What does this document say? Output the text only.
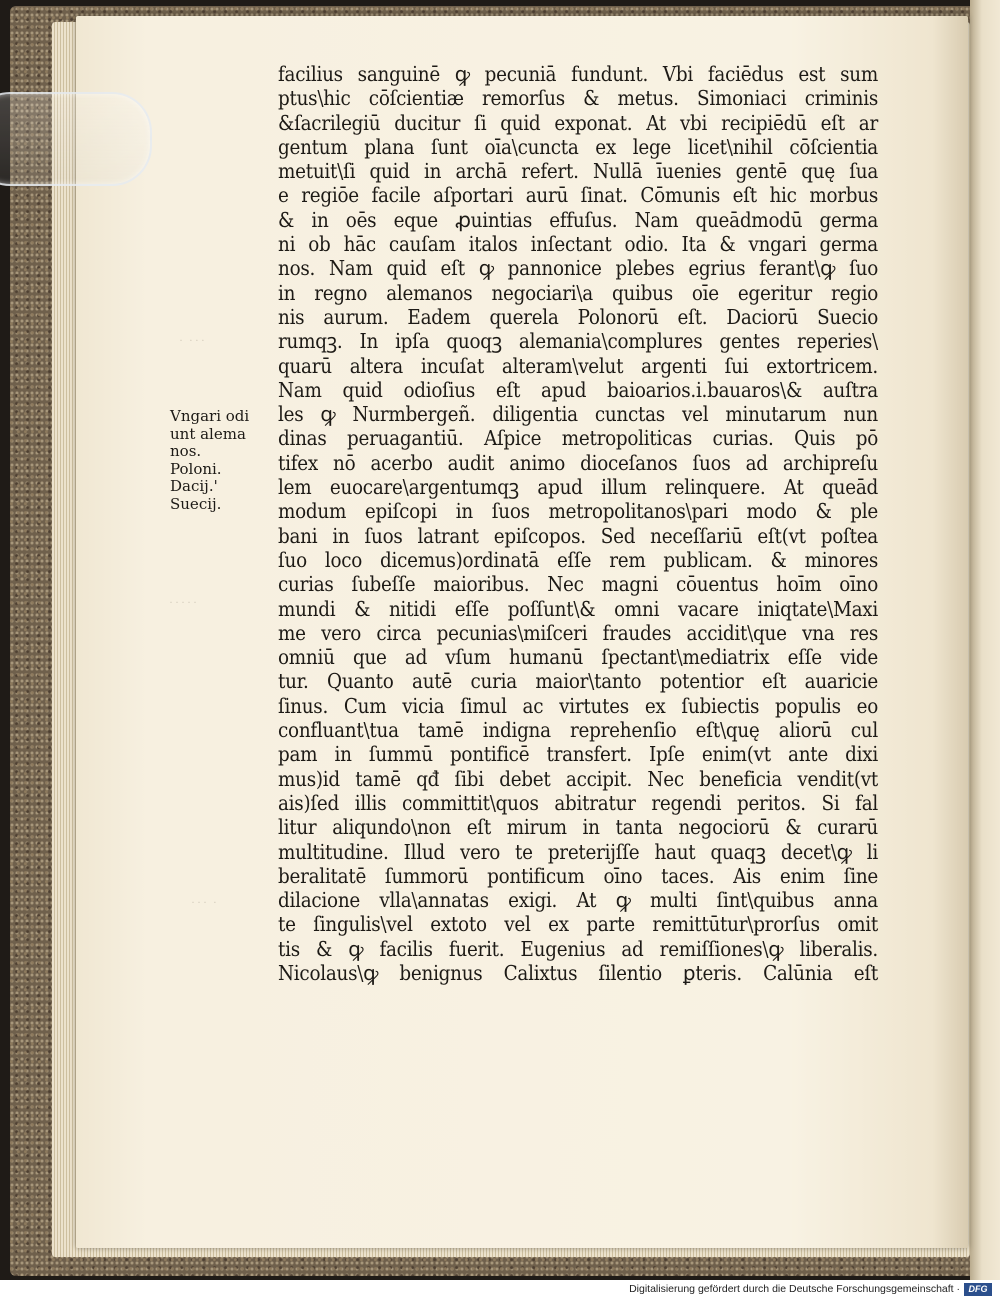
˙ ˙˙˙
˙˙˙˙˙
˙˙˙ ˙
Vngari odi
unt alema
nos.
Poloni.
Dacij.'
Suecij.
facilius sanguinē ꝙ pecuniā fundunt. Vbi faciēdus est sum
ptus\hic cōſcientiæ remorſus & metus. Simoniaci criminis
&ſacrilegiū ducitur ſi quid exponat. At vbi recipiēdū eſt ar
gentum plana ſunt oīa\cuncta ex lege licet\nihil cōſcientia
metuit\ſi quid in archā refert. Nullā īuenies gentē quę ſua
e regiōe facile aſportari aurū ſinat. Cōmunis eſt hic morbus
& in oēs eque ꝓuintias effuſus. Nam queādmodū germa
ni ob hāc cauſam italos inſectant odio. Ita & vngari germa
nos. Nam quid eſt ꝙ pannonice plebes egrius ferant\ꝙ ſuo
in regno alemanos negociari\a quibus oīe egeritur regio
nis aurum. Eadem querela Polonorū eſt. Daciorū Suecio
rumqꝫ. In ipſa quoqꝫ alemania\complures gentes reperies\
quarū altera incuſat alteram\velut argenti ſui extortricem.
Nam quid odioſius eſt apud baioarios.i.bauaros\& auſtra
les ꝙ Nurmbergeñ. diligentia cunctas vel minutarum nun
dinas peruagantiū. Aſpice metropoliticas curias. Quis pō
tifex nō acerbo audit animo dioceſanos ſuos ad archipreſu
lem euocare\argentumqꝫ apud illum relinquere. At queād
modum epiſcopi in ſuos metropolitanos\pari modo & ple
bani in ſuos latrant epiſcopos. Sed neceſſariū eſt(vt poſtea
ſuo loco dicemus)ordinatā eſſe rem publicam. & minores
curias ſubeſſe maioribus. Nec magni cōuentus hoīm oīno
mundi & nitidi eſſe poſſunt\& omni vacare iniqtate\Maxi
me vero circa pecunias\miſceri fraudes accidit\que vna res
omniū que ad vſum humanū ſpectant\mediatrix eſſe vide
tur. Quanto autē curia maior\tanto potentior eſt auaricie
ſinus. Cum vicia ſimul ac virtutes ex ſubiectis populis eo
confluant\tua tamē indigna reprehenſio eſt\quę aliorū cul
pam in ſummū pontificē transfert. Ipſe enim(vt ante dixi
mus)id tamē qđ ſibi debet accipit. Nec beneficia vendit(vt
ais)ſed illis committit\quos abitratur regendi peritos. Si fal
litur aliqundo\non eſt mirum in tanta negociorū & curarū
multitudine. Illud vero te preterijſſe haut quaqꝫ decet\ꝙ li
beralitatē ſummorū pontificum oīno taces. Ais enim ſine
dilacione vlla\annatas exigi. At ꝙ multi ſint\quibus anna
te ſingulis\vel extoto vel ex parte remittūtur\prorſus omit
tis & ꝙ facilis fuerit. Eugenius ad remiſſiones\ꝙ liberalis.
Nicolaus\ꝙ benignus Calixtus ſilentio ꝑteris. Calūnia eſt
Digitalisierung gefördert durch die Deutsche Forschungsgemeinschaft · DFG
